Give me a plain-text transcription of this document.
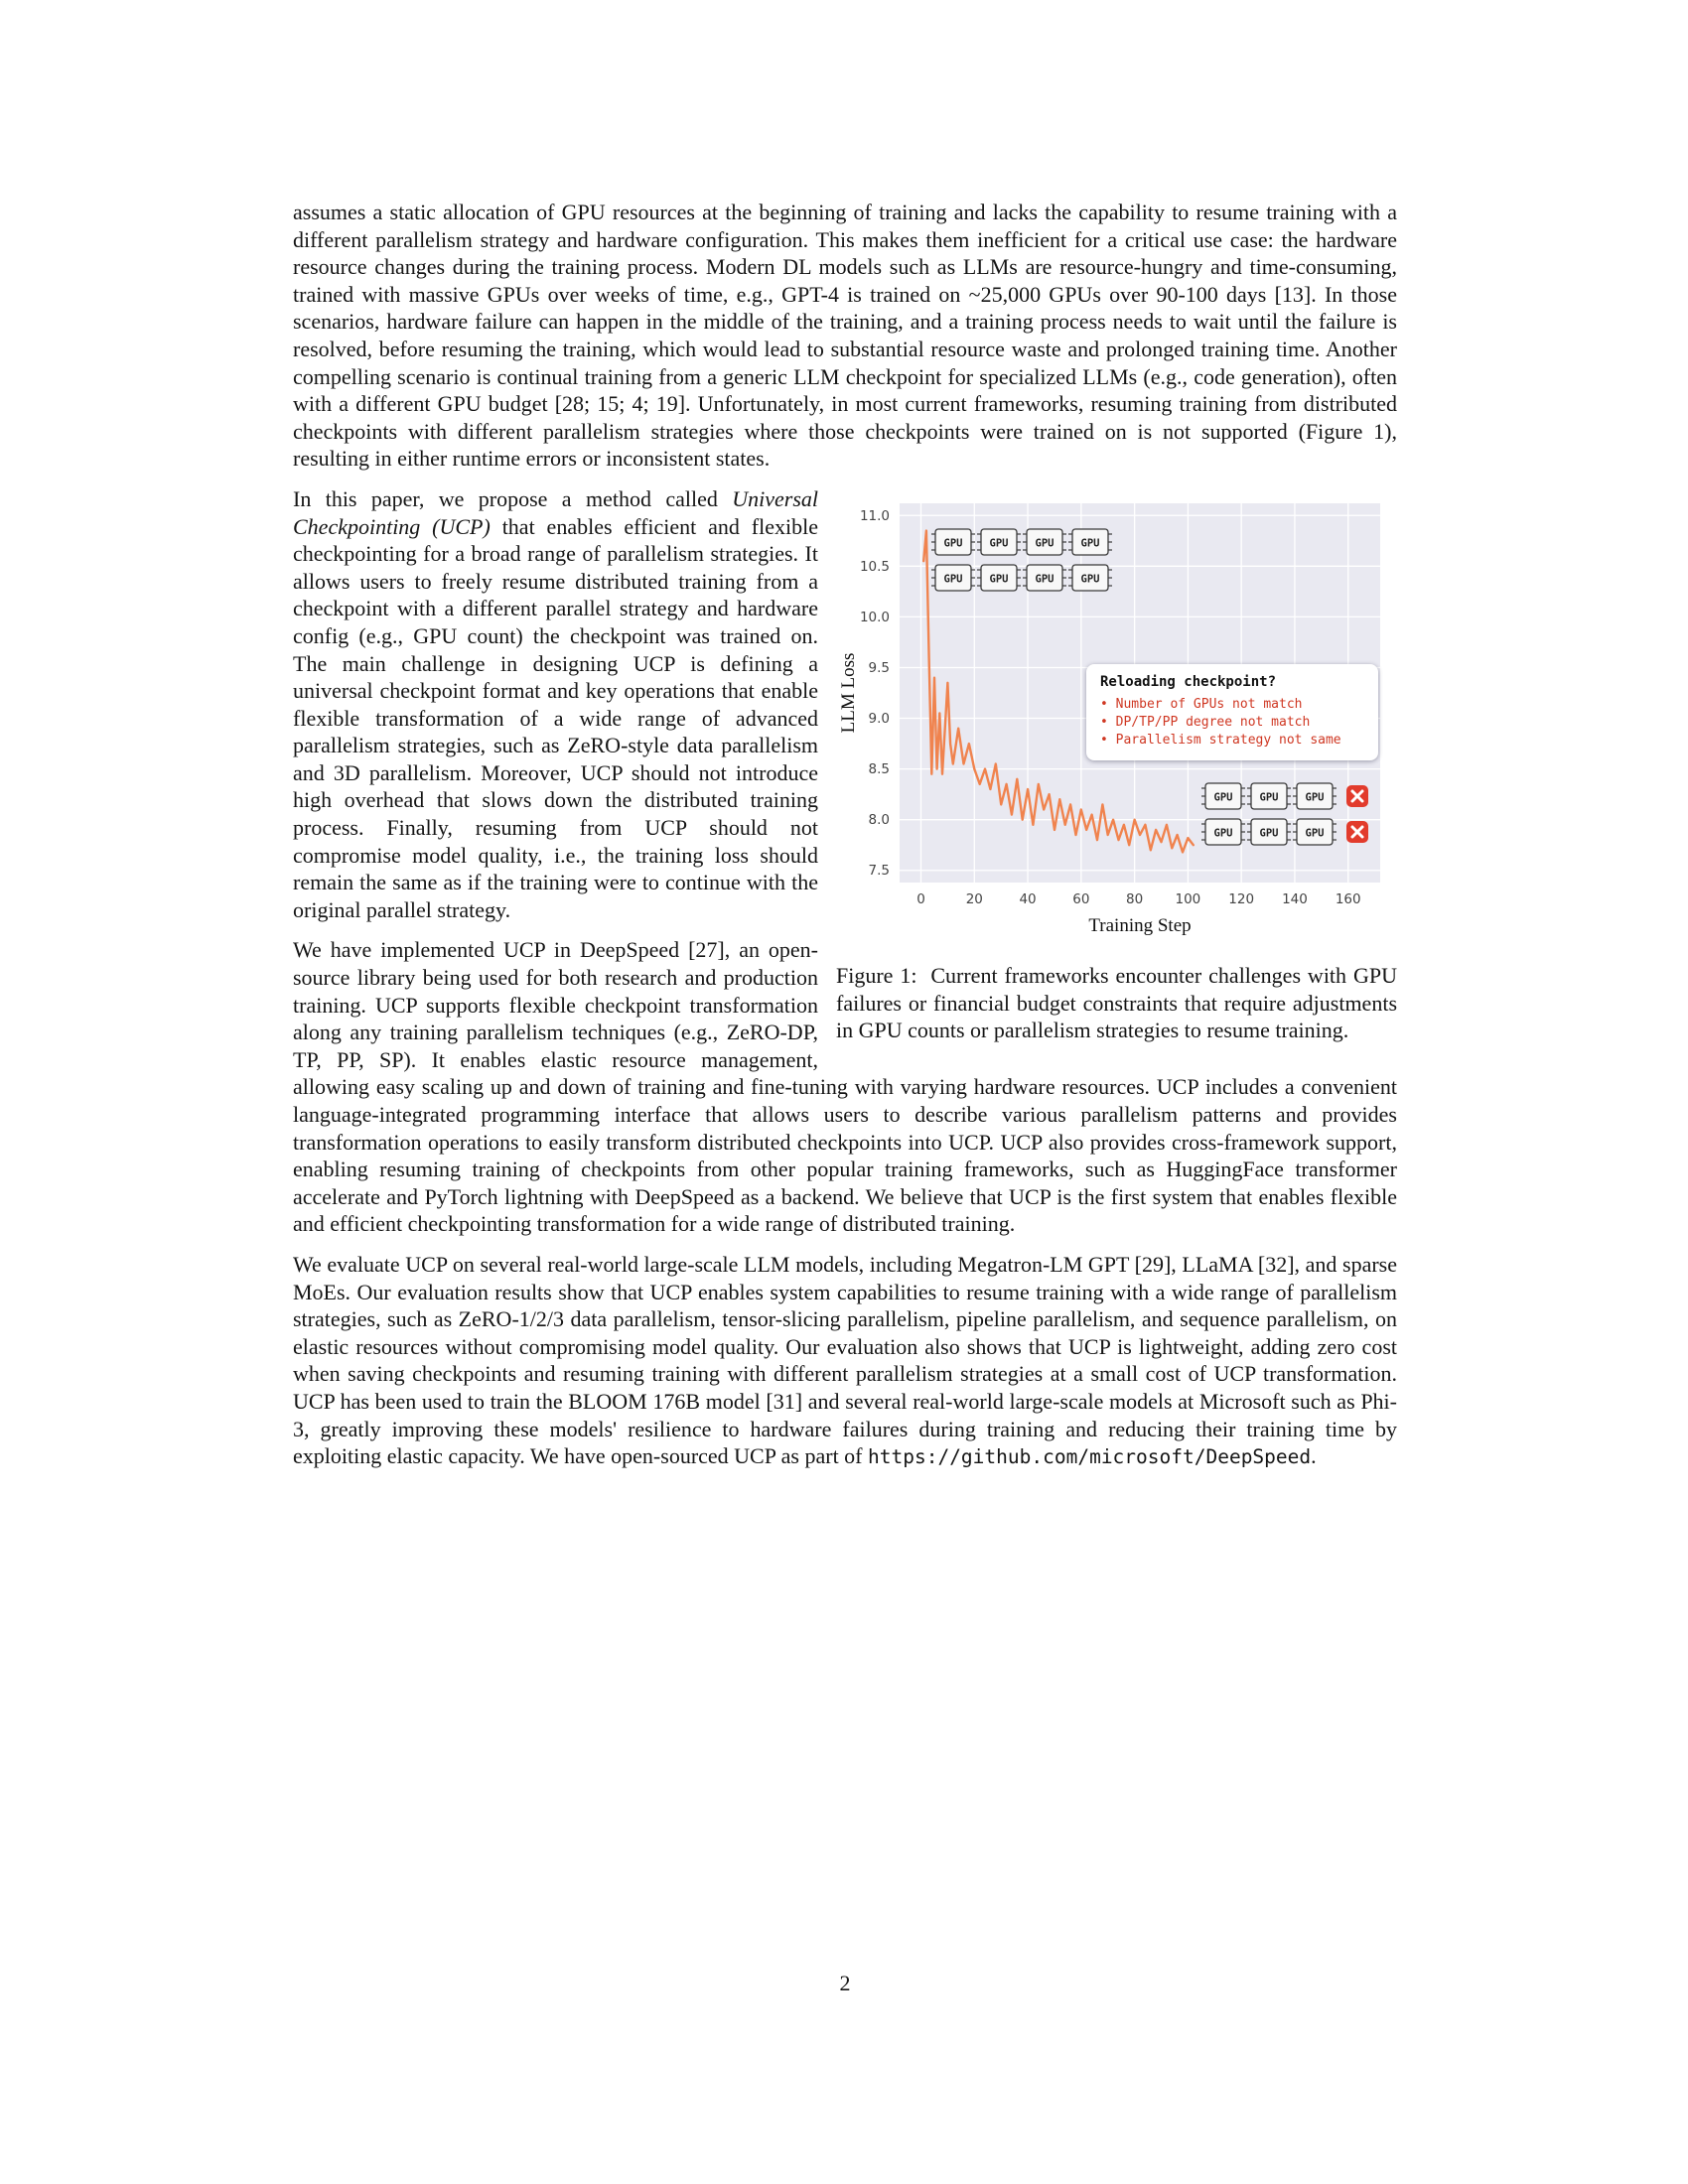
assumes a static allocation of GPU resources at the beginning of training and lacks the capability to resume training with a different parallelism strategy and hardware configuration. This makes them inefficient for a critical use case: the hardware resource changes during the training process. Modern DL models such as LLMs are resource-hungry and time-consuming, trained with massive GPUs over weeks of time, e.g., GPT-4 is trained on ~25,000 GPUs over 90-100 days [13]. In those scenarios, hardware failure can happen in the middle of the training, and a training process needs to wait until the failure is resolved, before resuming the training, which would lead to substantial resource waste and prolonged training time. Another compelling scenario is continual training from a generic LLM checkpoint for specialized LLMs (e.g., code generation), often with a different GPU budget [28; 15; 4; 19]. Unfortunately, in most current frameworks, resuming training from distributed checkpoints with different parallelism strategies where those checkpoints were trained on is not supported (Figure 1), resulting in either runtime errors or inconsistent states.

0	20	40	60	80 100 120 140 160
7.5
8.0
8.5
9.0
9.5
10.0
10.5
11.0
Training Step
LLM Loss
GPU	GPU	GPU	GPU
GPU	GPU	GPU	GPU
GPU	GPU	GPU
GPU	GPU	GPU
Reloading checkpoint?
• Number of GPUs not match
• DP/TP/PP degree not match
• Parallelism strategy not same
Figure 1: Current frameworks encounter challenges with GPU failures or financial budget constraints that require adjustments in GPU counts or parallelism strategies to resume training.

In this paper, we propose a method called Universal Checkpointing (UCP) that enables efficient and flexible checkpointing for a broad range of parallelism strategies. It allows users to freely resume distributed training from a checkpoint with a different parallel strategy and hardware config (e.g., GPU count) the checkpoint was trained on. The main challenge in designing UCP is defining a universal checkpoint format and key operations that enable flexible transformation of a wide range of advanced parallelism strategies, such as ZeRO-style data parallelism and 3D parallelism. Moreover, UCP should not introduce high overhead that slows down the distributed training process. Finally, resuming from UCP should not compromise model quality, i.e., the training loss should remain the same as if the training were to continue with the original parallel strategy.

We have implemented UCP in DeepSpeed [27], an open-source library being used for both research and production training. UCP supports flexible checkpoint transformation along any training parallelism techniques (e.g., ZeRO-DP, TP, PP, SP). It enables elastic resource management, allowing easy scaling up and down of training and fine-tuning with varying hardware resources. UCP includes a convenient language-integrated programming interface that allows users to describe various parallelism patterns and provides transformation operations to easily transform distributed checkpoints into UCP. UCP also provides cross-framework support, enabling resuming training of checkpoints from other popular training frameworks, such as HuggingFace transformer accelerate and PyTorch lightning with DeepSpeed as a backend. We believe that UCP is the first system that enables flexible and efficient checkpointing transformation for a wide range of distributed training.

We evaluate UCP on several real-world large-scale LLM models, including Megatron-LM GPT [29], LLaMA [32], and sparse MoEs. Our evaluation results show that UCP enables system capabilities to resume training with a wide range of parallelism strategies, such as ZeRO-1/2/3 data parallelism, tensor-slicing parallelism, pipeline parallelism, and sequence parallelism, on elastic resources without compromising model quality. Our evaluation also shows that UCP is lightweight, adding zero cost when saving checkpoints and resuming training with different parallelism strategies at a small cost of UCP transformation. UCP has been used to train the BLOOM 176B model [31] and several real-world large-scale models at Microsoft such as Phi-3, greatly improving these models' resilience to hardware failures during training and reducing their training time by exploiting elastic capacity. We have open-sourced UCP as part of https://github.com/microsoft/DeepSpeed.

2
